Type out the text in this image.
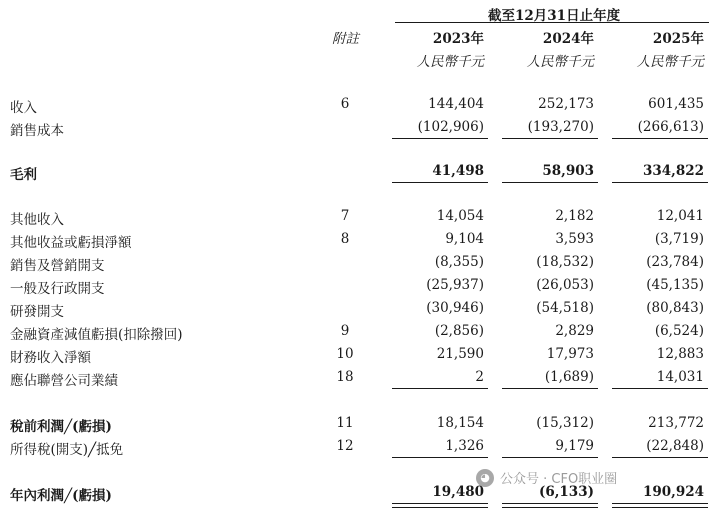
截至12月31日止年度
附註	2023年	2024年	2025年
人民幣千元	人民幣千元	人民幣千元
收入	6	144,404	252,173	601,435
銷售成本	(102,906)	(193,270)	(266,613)
毛利	41,498	58,903	334,822
其他收入	7	14,054	2,182	12,041
其他收益或虧損淨額	8	9,104	3,593	(3,719)
銷售及營銷開支	(8,355)	(18,532)	(23,784)
一般及行政開支	(25,937)	(26,053)	(45,135)
研發開支	(30,946)	(54,518)	(80,843)
金融資產減值虧損(扣除撥回)	9	(2,856)	2,829	(6,524)
財務收入淨額	10	21,590	17,973	12,883
應佔聯營公司業績	18	2	(1,689)	14,031
稅前利潤╱(虧損)	11	18,154	(15,312)	213,772
所得稅(開支)╱抵免	12	1,326	9,179	(22,848)
◕ 公众号 · CFO职业圈
年內利潤╱(虧損)	19,480	(6,133)	190,924
